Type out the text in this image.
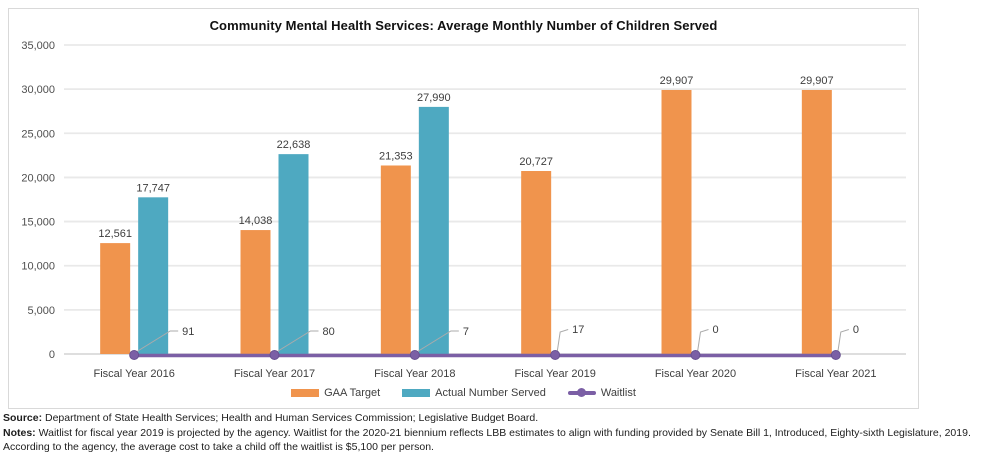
Community Mental Health Services: Average Monthly Number of Children Served
0
5,000
10,000
15,000
20,000
25,000
30,000
35,000
12,561
14,038
21,353	20,727
29,907	29,907
17,747
22,638
27,990
91	80	7	17	0	0
Fiscal Year 2016	Fiscal Year 2017	Fiscal Year 2018	Fiscal Year 2019	Fiscal Year 2020	Fiscal Year 2021
GAA Target	Actual Number Served	Waitlist

Source: Department of State Health Services; Health and Human Services Commission; Legislative Budget Board.

Notes: Waitlist for fiscal year 2019 is projected by the agency. Waitlist for the 2020-21 biennium reflects LBB estimates to align with funding provided by Senate Bill 1, Introduced, Eighty-sixth Legislature, 2019. According to the agency, the average cost to take a child off the waitlist is $5,100 per person.
